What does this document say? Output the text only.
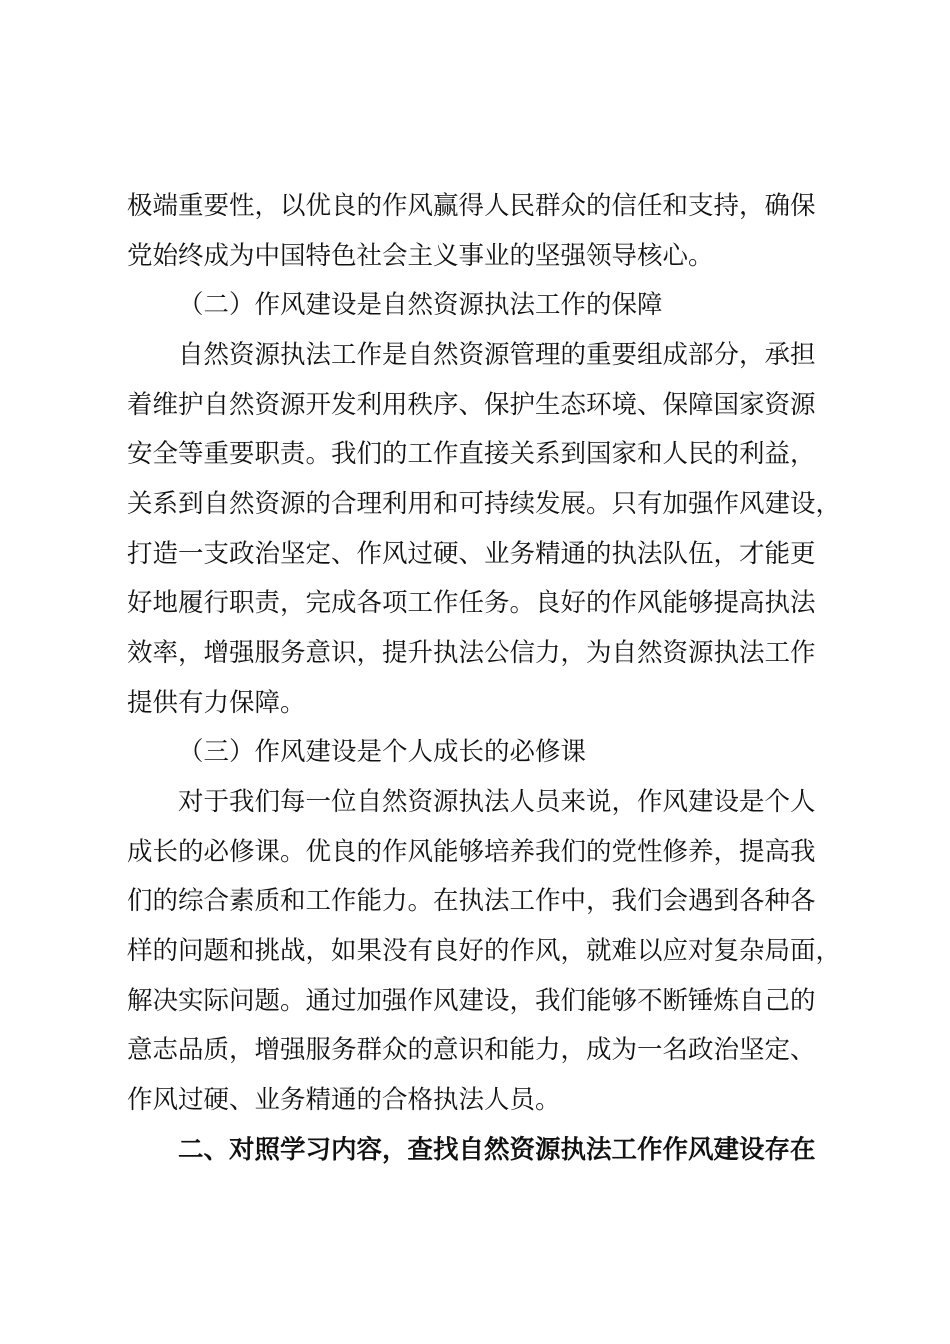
极端重要性，以优良的作风赢得人民群众的信任和支持，确保
党始终成为中国特色社会主义事业的坚强领导核心。
（二）作风建设是自然资源执法工作的保障
自然资源执法工作是自然资源管理的重要组成部分，承担
着维护自然资源开发利用秩序、保护生态环境、保障国家资源
安全等重要职责。我们的工作直接关系到国家和人民的利益，
关系到自然资源的合理利用和可持续发展。只有加强作风建设，
打造一支政治坚定、作风过硬、业务精通的执法队伍，才能更
好地履行职责，完成各项工作任务。良好的作风能够提高执法
效率，增强服务意识，提升执法公信力，为自然资源执法工作
提供有力保障。
（三）作风建设是个人成长的必修课
对于我们每一位自然资源执法人员来说，作风建设是个人
成长的必修课。优良的作风能够培养我们的党性修养，提高我
们的综合素质和工作能力。在执法工作中，我们会遇到各种各
样的问题和挑战，如果没有良好的作风，就难以应对复杂局面，
解决实际问题。通过加强作风建设，我们能够不断锤炼自己的
意志品质，增强服务群众的意识和能力，成为一名政治坚定、
作风过硬、业务精通的合格执法人员。
二、对照学习内容，查找自然资源执法工作作风建设存在
